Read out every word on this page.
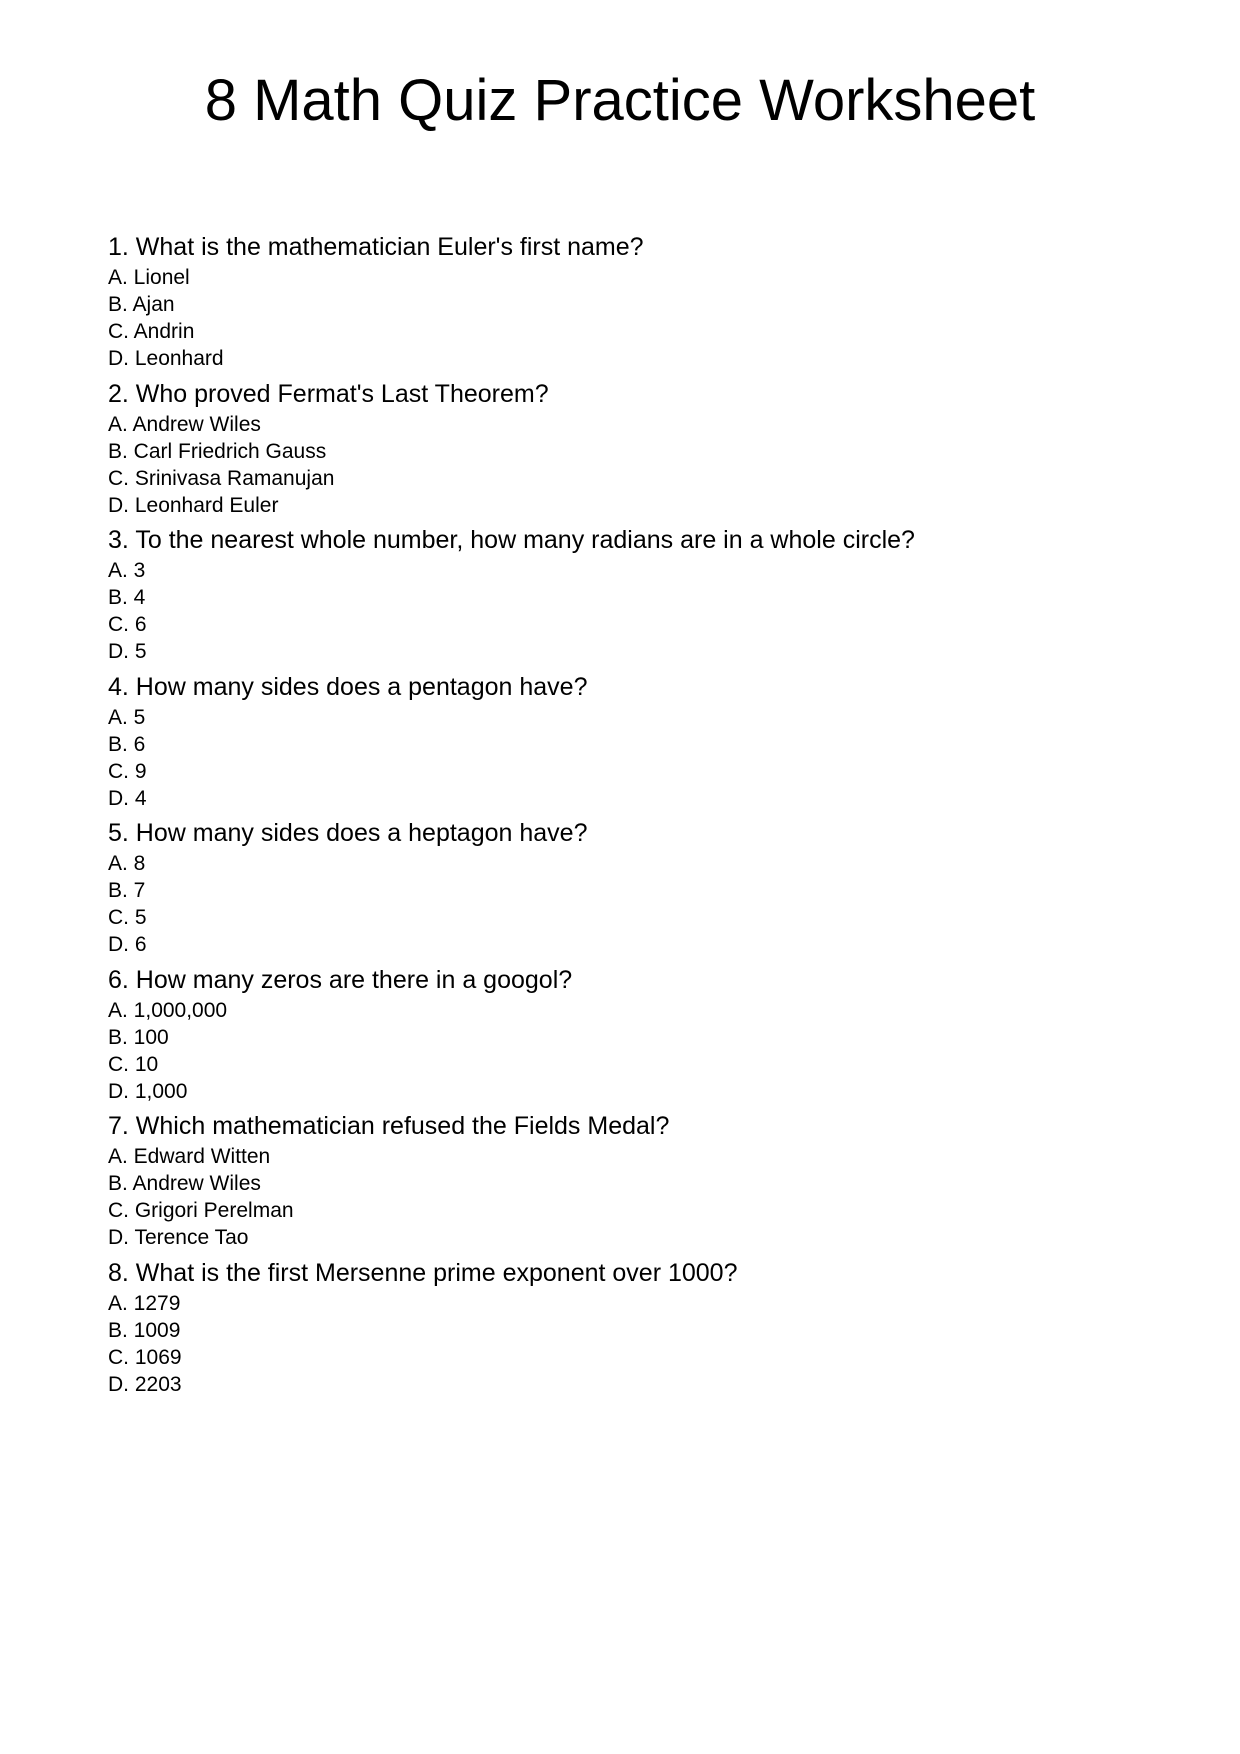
8 Math Quiz Practice Worksheet

1. What is the mathematician Euler's first name?

A. Lionel
B. Ajan
C. Andrin
D. Leonhard

2. Who proved Fermat's Last Theorem?

A. Andrew Wiles
B. Carl Friedrich Gauss
C. Srinivasa Ramanujan
D. Leonhard Euler

3. To the nearest whole number, how many radians are in a whole circle?

A. 3
B. 4
C. 6
D. 5

4. How many sides does a pentagon have?

A. 5
B. 6
C. 9
D. 4

5. How many sides does a heptagon have?

A. 8
B. 7
C. 5
D. 6

6. How many zeros are there in a googol?

A. 1,000,000
B. 100
C. 10
D. 1,000

7. Which mathematician refused the Fields Medal?

A. Edward Witten
B. Andrew Wiles
C. Grigori Perelman
D. Terence Tao

8. What is the first Mersenne prime exponent over 1000?

A. 1279
B. 1009
C. 1069
D. 2203
